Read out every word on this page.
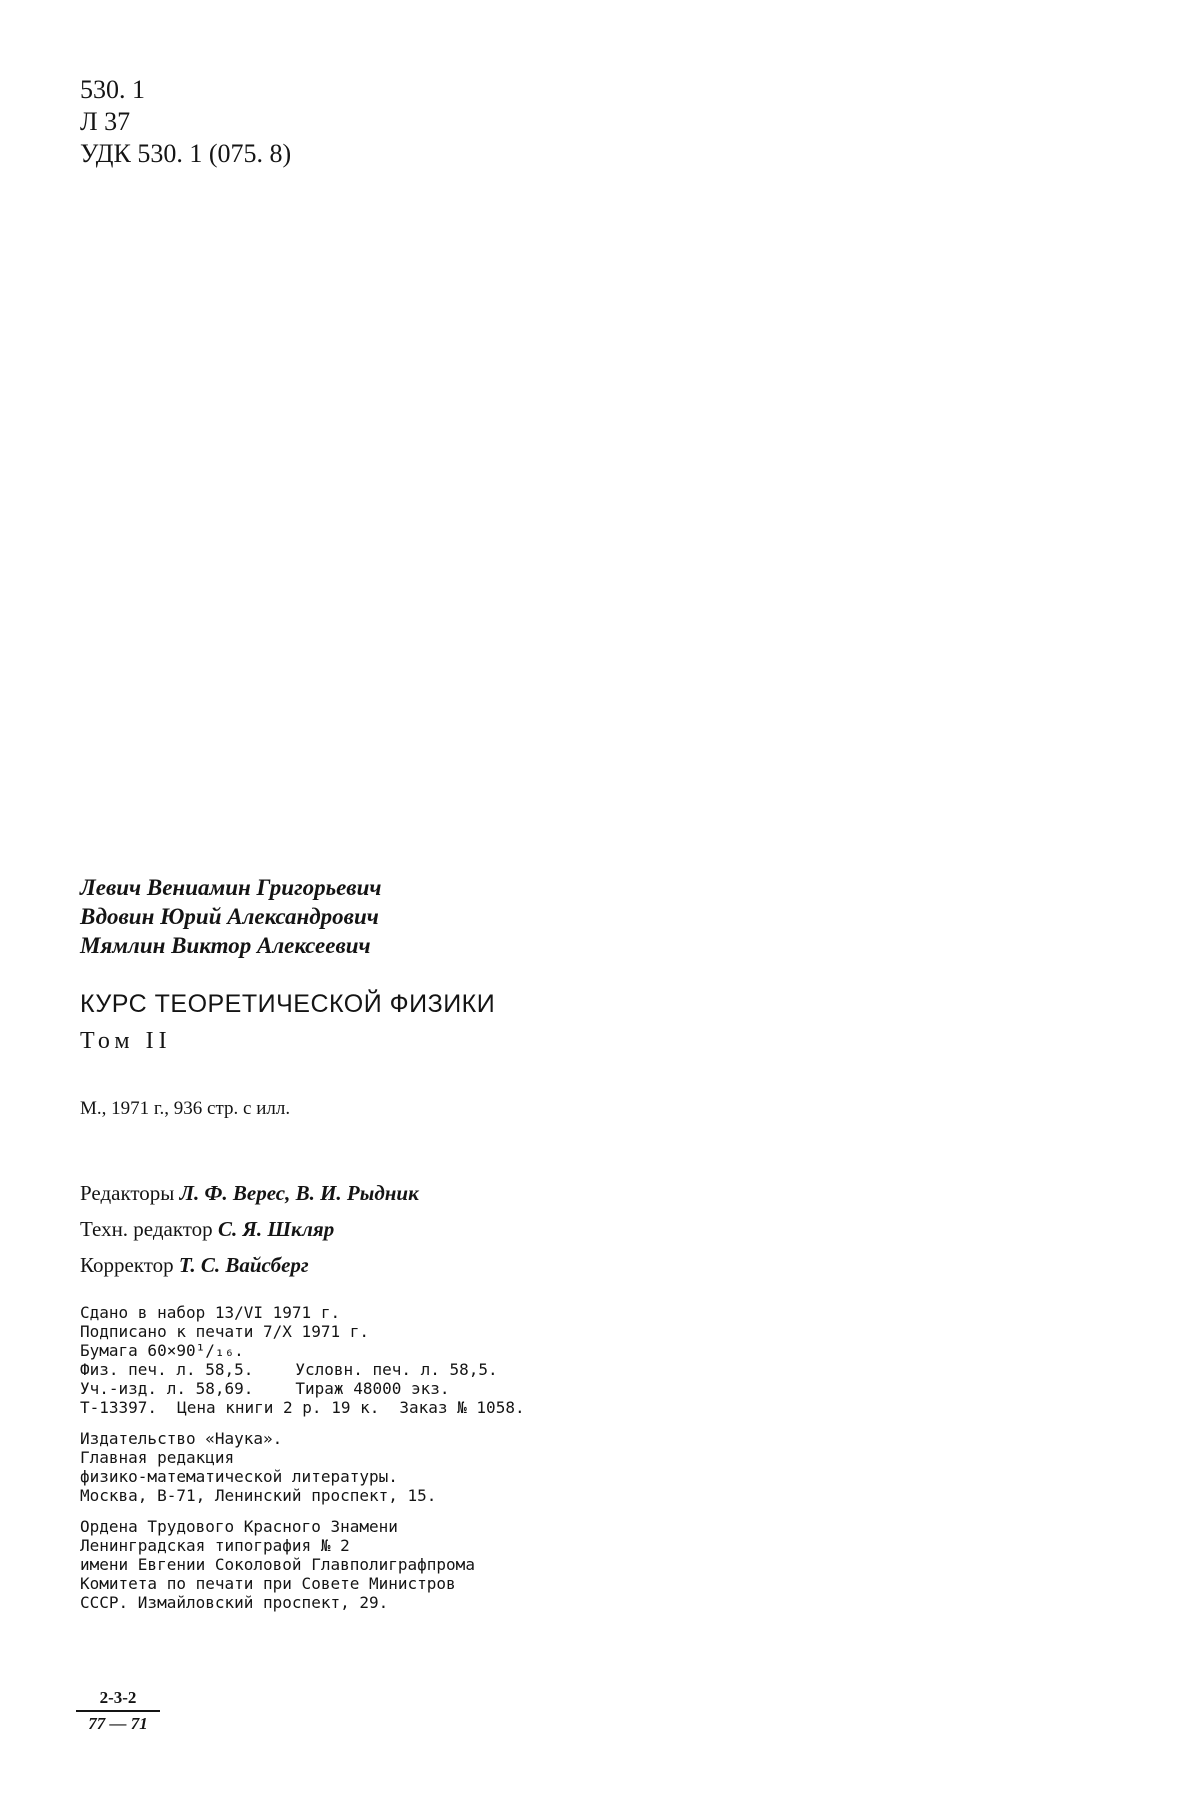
530. 1
Л 37
УДК 530. 1 (075. 8)
Левич Вениамин Григорьевич
Вдовин Юрий Александрович
Мямлин Виктор Алексеевич
КУРС ТЕОРЕТИЧЕСКОЙ ФИЗИКИ
Том II
М., 1971 г., 936 стр. с илл.
Редакторы Л. Ф. Верес, В. И. Рыдник
Техн. редактор С. Я. Шкляр
Корректор Т. С. Вайсберг
Сдано в набор 13/VI 1971 г.
Подписано к печати 7/X 1971 г.
Бумага 60×90¹/₁₆.
Физ. печ. л. 58,5.	Условн. печ. л. 58,5.
Уч.-изд. л. 58,69.	Тираж 48000 экз.
Т-13397. Цена книги 2 р. 19 к. Заказ № 1058.
Издательство «Наука».
Главная редакция
физико-математической литературы.
Москва, В-71, Ленинский проспект, 15.
Ордена Трудового Красного Знамени
Ленинградская типография № 2
имени Евгении Соколовой Главполиграфпрома
Комитета по печати при Совете Министров
СССР. Измайловский проспект, 29.
$\frac{2-3-2}{77 — 71}$
